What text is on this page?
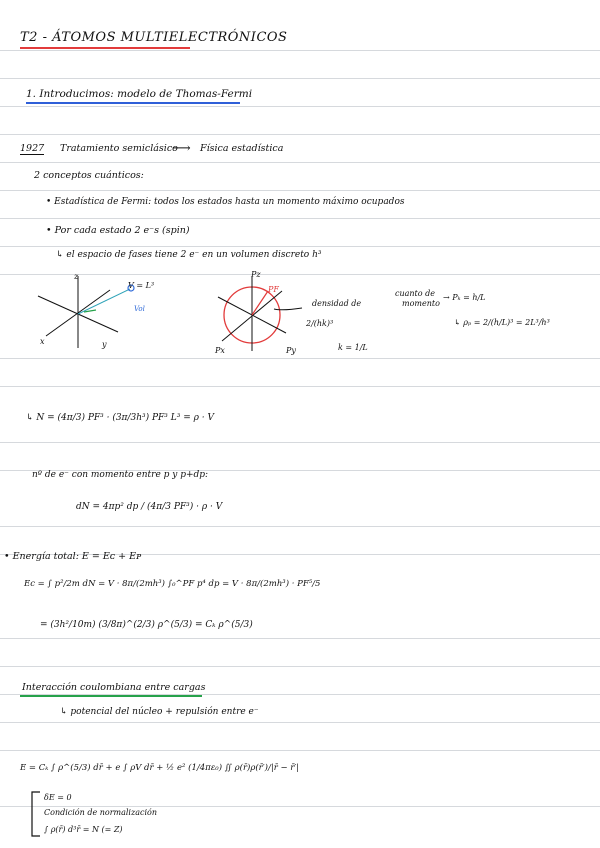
T2 - ÁTOMOS MULTIELECTRÓNICOS
1. Introducimos: modelo de Thomas-Fermi
1927 Tratamiento semiclásico
⟶ Física estadística
2 conceptos cuánticos:
• Estadística de Fermi: todos los estados hasta un momento máximo ocupados
• Por cada estado 2 e⁻s (spin)
↳ el espacio de fases tiene 2 e⁻ en un volumen discreto h³
z
x	y
V = L³
Vol
Pz
PF
Px	Py
densidad de
2/(hk)³
k = 1/L
cuanto de
momento
→ Pₖ = h/L
↳ ρₚ = 2/(h/L)³ = 2L³/h³
↳ N = (4π/3) PF³ · (3π/3h³) PF³ L³ = ρ · V
nº de e⁻ con momento entre p y p+dp:
dN = 4πp² dp / (4π/3 PF³) · ρ · V
• Energía total: E = Eᴄ + Eᴘ
Ec = ∫ p²/2m dN = V · 8π/(2mh³) ∫₀^PF p⁴ dp = V · 8π/(2mh³) · PF⁵/5
= (3h²/10m) (3/8π)^(2/3) ρ^(5/3) = Cₖ ρ^(5/3)
Interacción coulombiana entre cargas
↳ potencial del núcleo + repulsión entre e⁻
E = Cₖ ∫ ρ^(5/3) dr̄ + e ∫ ρV dr̄ + ½ e² (1/4πε₀) ∬ ρ(r̄)ρ(r̄′)/|r̄ − r̄′|
δE = 0
Condición de normalización
∫ ρ(r̄) d³r̄ = N (= Z)
